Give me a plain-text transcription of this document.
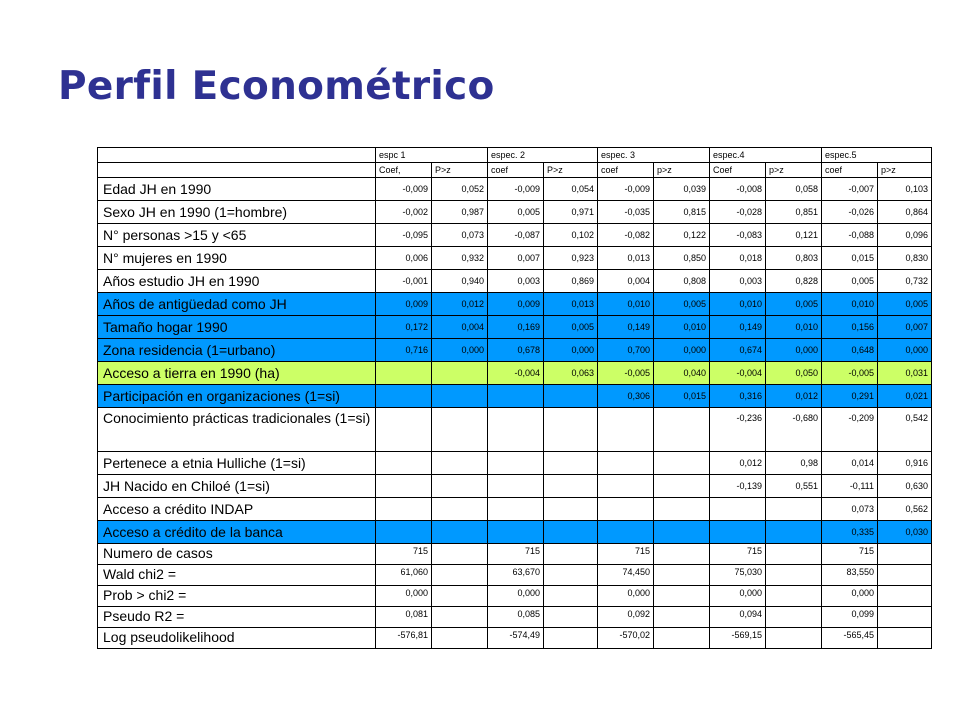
Perfil Econométrico
	espc 1		espec. 2		espec. 3		espec.4		espec.5	
	Coef,	P>z	coef	P>z	coef	p>z	Coef	p>z	coef	p>z
Edad JH en 1990	-0,009	0,052	-0,009	0,054	-0,009	0,039	-0,008	0,058	-0,007	0,103
Sexo JH en 1990 (1=hombre)	-0,002	0,987	0,005	0,971	-0,035	0,815	-0,028	0,851	-0,026	0,864
N° personas >15 y <65	-0,095	0,073	-0,087	0,102	-0,082	0,122	-0,083	0,121	-0,088	0,096
N° mujeres en 1990	0,006	0,932	0,007	0,923	0,013	0,850	0,018	0,803	0,015	0,830
Años estudio JH en 1990	-0,001	0,940	0,003	0,869	0,004	0,808	0,003	0,828	0,005	0,732
Años de antigüedad como JH	0,009	0,012	0,009	0,013	0,010	0,005	0,010	0,005	0,010	0,005
Tamaño hogar 1990	0,172	0,004	0,169	0,005	0,149	0,010	0,149	0,010	0,156	0,007
Zona residencia (1=urbano)	0,716	0,000	0,678	0,000	0,700	0,000	0,674	0,000	0,648	0,000
Acceso a tierra en 1990 (ha)			-0,004	0,063	-0,005	0,040	-0,004	0,050	-0,005	0,031
Participación en organizaciones (1=si)					0,306	0,015	0,316	0,012	0,291	0,021
Conocimiento prácticas tradicionales (1=si)							-0,236	-0,680	-0,209	0,542
Pertenece a etnia Hulliche (1=si)							0,012	0,98	0,014	0,916
JH Nacido en Chiloé (1=si)							-0,139	0,551	-0,111	0,630
Acceso a crédito INDAP									0,073	0,562
Acceso a crédito de la banca									0,335	0,030
Numero de casos	715		715		715		715		715	
Wald chi2 =	61,060		63,670		74,450		75,030		83,550	
Prob > chi2 =	0,000		0,000		0,000		0,000		0,000	
Pseudo R2 =	0,081		0,085		0,092		0,094		0,099	
Log pseudolikelihood	-576,81		-574,49		-570,02		-569,15		-565,45	
